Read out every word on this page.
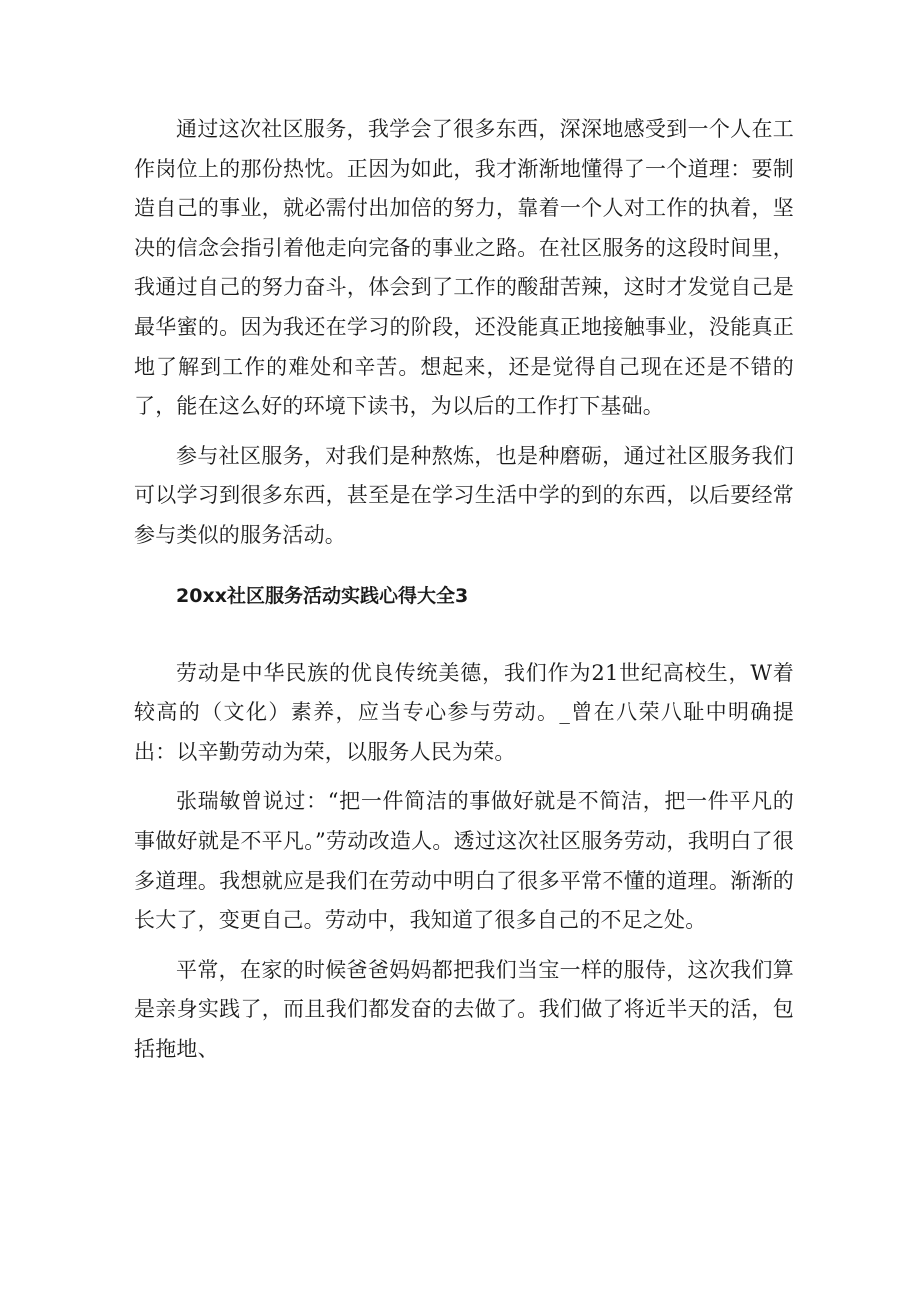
通过这次社区服务，我学会了很多东西，深深地感受到一个人在工作岗位上的那份热忱。正因为如此，我才渐渐地懂得了一个道理：要制造自己的事业，就必需付出加倍的努力，靠着一个人对工作的执着，坚决的信念会指引着他走向完备的事业之路。在社区服务的这段时间里，我通过自己的努力奋斗，体会到了工作的酸甜苦辣，这时才发觉自己是最华蜜的。因为我还在学习的阶段，还没能真正地接触事业，没能真正地了解到工作的难处和辛苦。想起来，还是觉得自己现在还是不错的了，能在这么好的环境下读书，为以后的工作打下基础。

参与社区服务，对我们是种熬炼，也是种磨砺，通过社区服务我们可以学习到很多东西，甚至是在学习生活中学的到的东西，以后要经常参与类似的服务活动。

20xx社区服务活动实践心得大全3

劳动是中华民族的优良传统美德，我们作为21世纪高校生，W着较高的（文化）素养，应当专心参与劳动。_曾在八荣八耻中明确提出：以辛勤劳动为荣，以服务人民为荣。

张瑞敏曾说过：“把一件简洁的事做好就是不简洁，把一件平凡的事做好就是不平凡。”劳动改造人。透过这次社区服务劳动，我明白了很多道理。我想就应是我们在劳动中明白了很多平常不懂的道理。渐渐的长大了，变更自己。劳动中，我知道了很多自己的不足之处。

平常，在家的时候爸爸妈妈都把我们当宝一样的服侍，这次我们算是亲身实践了，而且我们都发奋的去做了。我们做了将近半天的活，包括拖地、
